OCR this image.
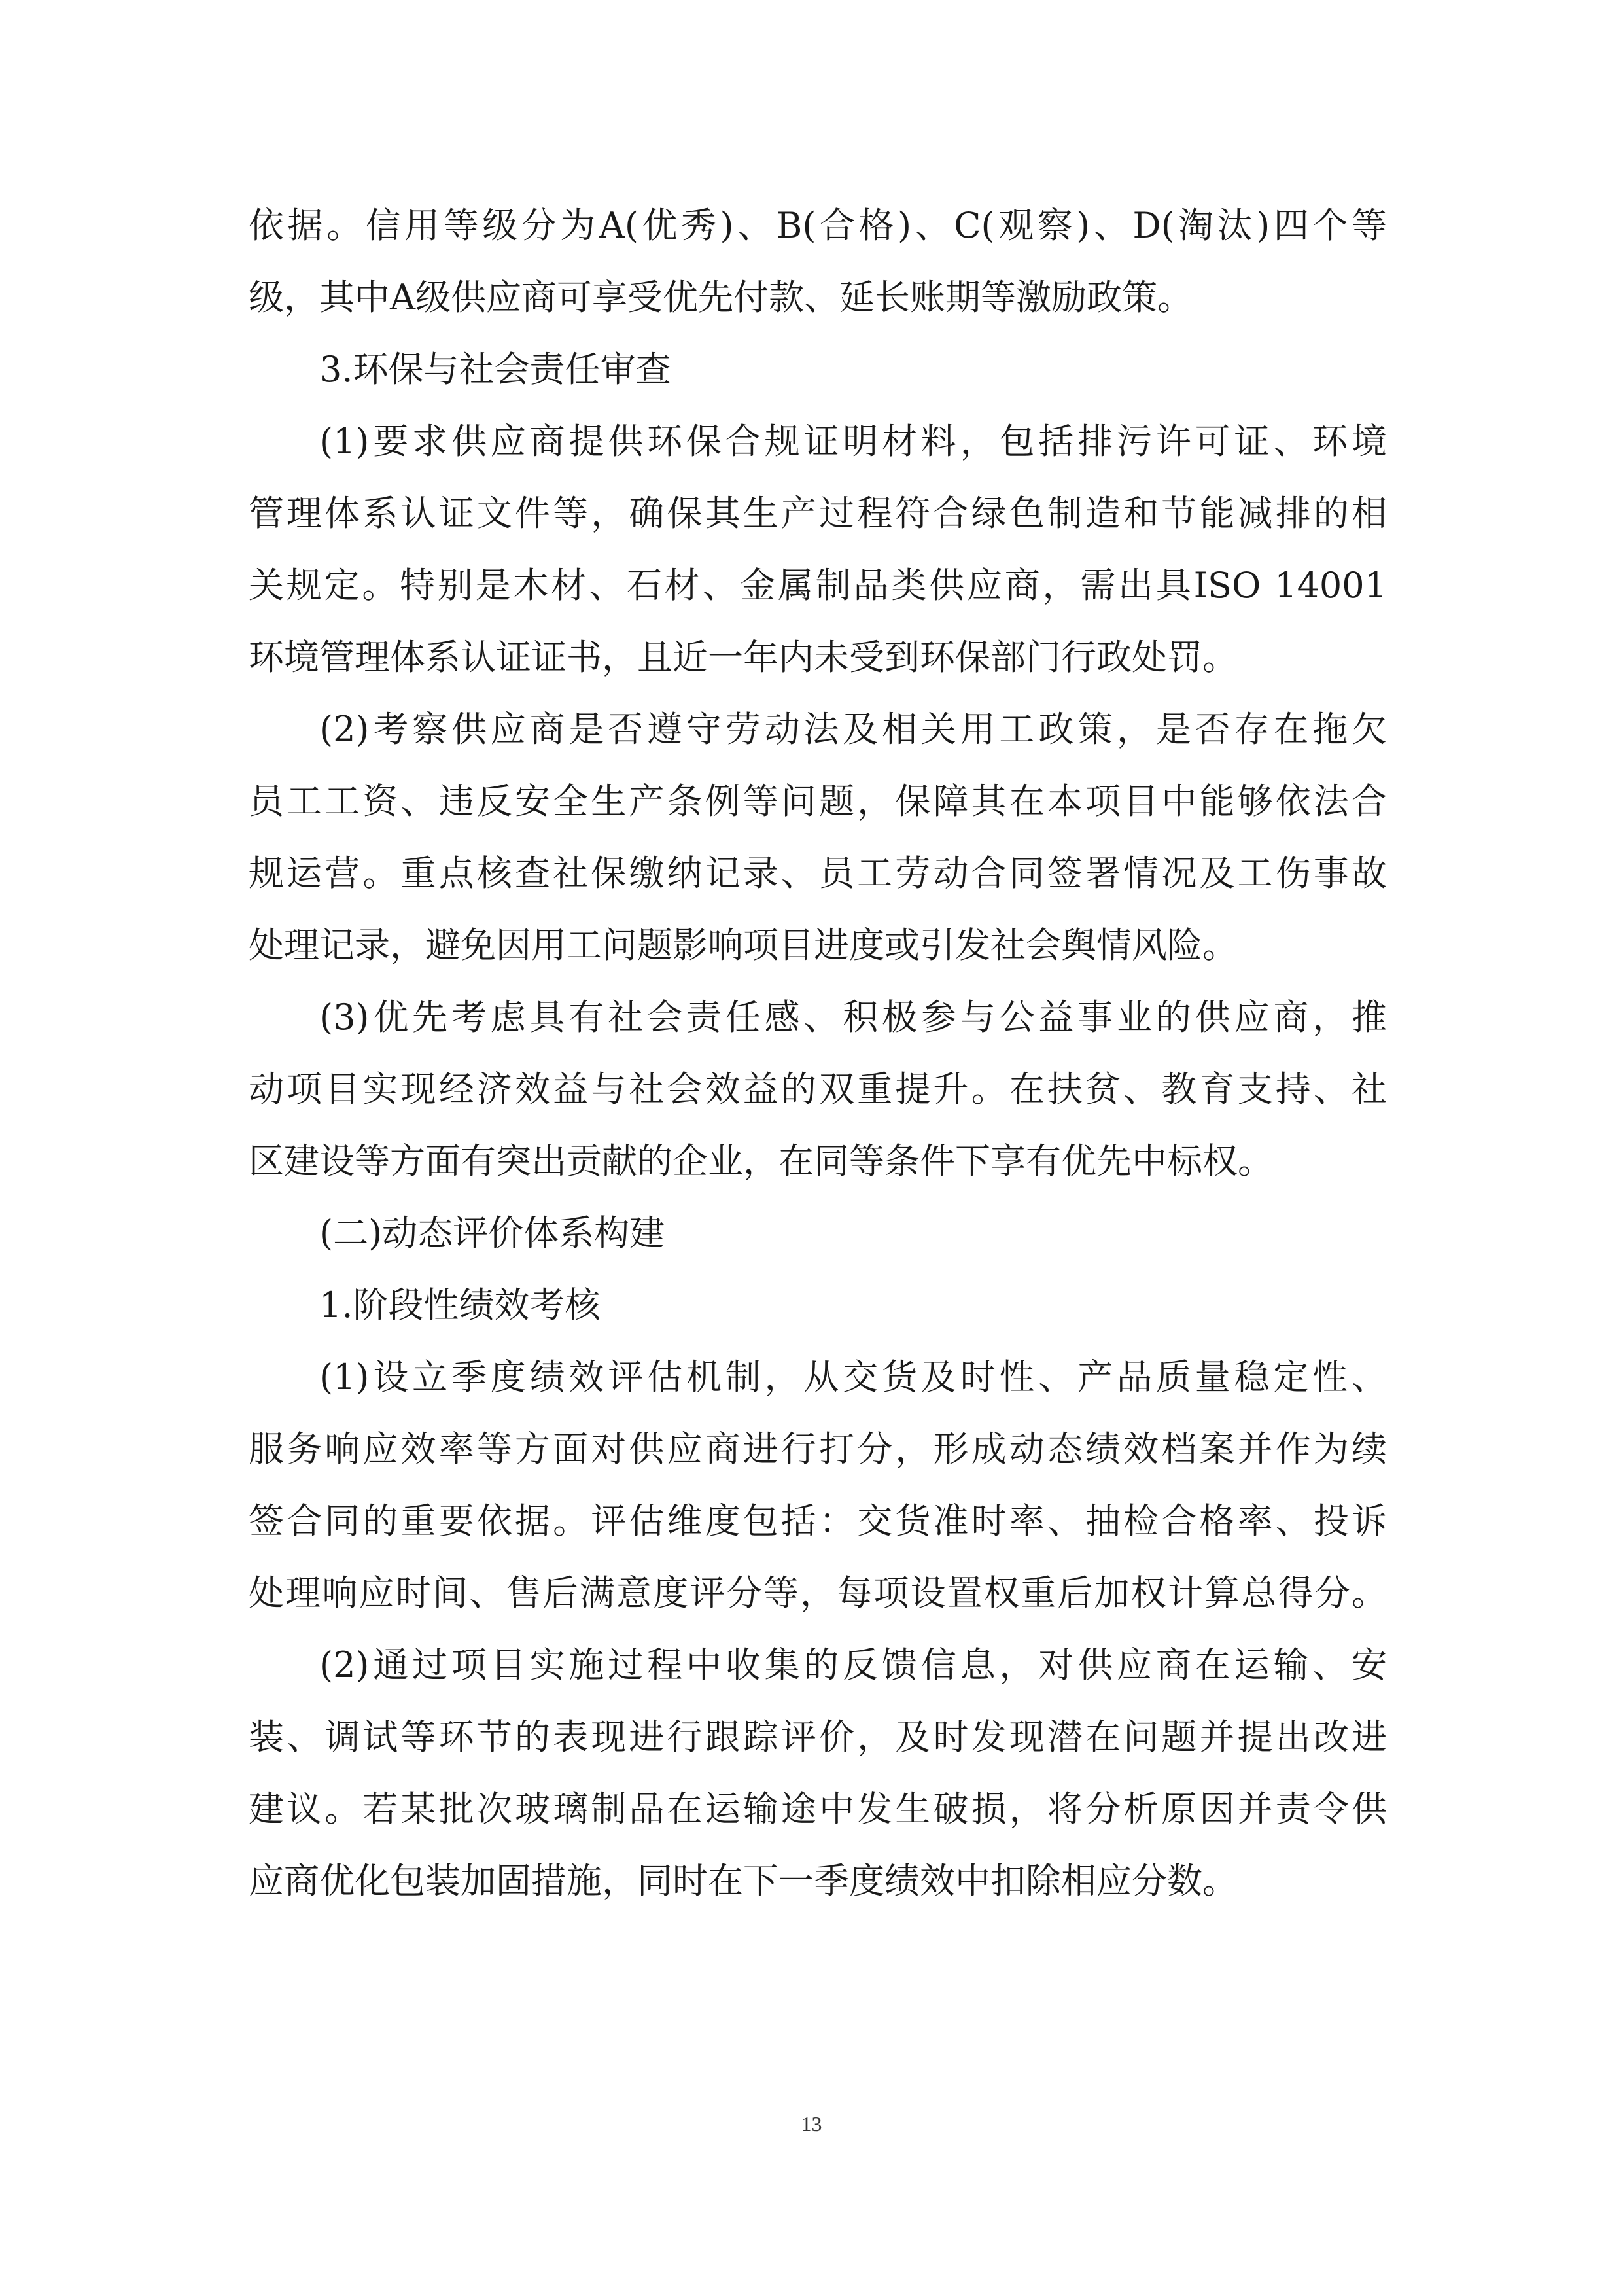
依据。信用等级分为A(优秀)、B(合格)、C(观察)、D(淘汰)四个等
级，其中A级供应商可享受优先付款、延长账期等激励政策。
3.环保与社会责任审查
(1)要求供应商提供环保合规证明材料，包括排污许可证、环境
管理体系认证文件等，确保其生产过程符合绿色制造和节能减排的相
关规定。特别是木材、石材、金属制品类供应商，需出具ISO 14001
环境管理体系认证证书，且近一年内未受到环保部门行政处罚。
(2)考察供应商是否遵守劳动法及相关用工政策，是否存在拖欠
员工工资、违反安全生产条例等问题，保障其在本项目中能够依法合
规运营。重点核查社保缴纳记录、员工劳动合同签署情况及工伤事故
处理记录，避免因用工问题影响项目进度或引发社会舆情风险。
(3)优先考虑具有社会责任感、积极参与公益事业的供应商，推
动项目实现经济效益与社会效益的双重提升。在扶贫、教育支持、社
区建设等方面有突出贡献的企业，在同等条件下享有优先中标权。
(二)动态评价体系构建
1.阶段性绩效考核
(1)设立季度绩效评估机制，从交货及时性、产品质量稳定性、
服务响应效率等方面对供应商进行打分，形成动态绩效档案并作为续
签合同的重要依据。评估维度包括：交货准时率、抽检合格率、投诉
处理响应时间、售后满意度评分等，每项设置权重后加权计算总得分。
(2)通过项目实施过程中收集的反馈信息，对供应商在运输、安
装、调试等环节的表现进行跟踪评价，及时发现潜在问题并提出改进
建议。若某批次玻璃制品在运输途中发生破损，将分析原因并责令供
应商优化包装加固措施，同时在下一季度绩效中扣除相应分数。
13
